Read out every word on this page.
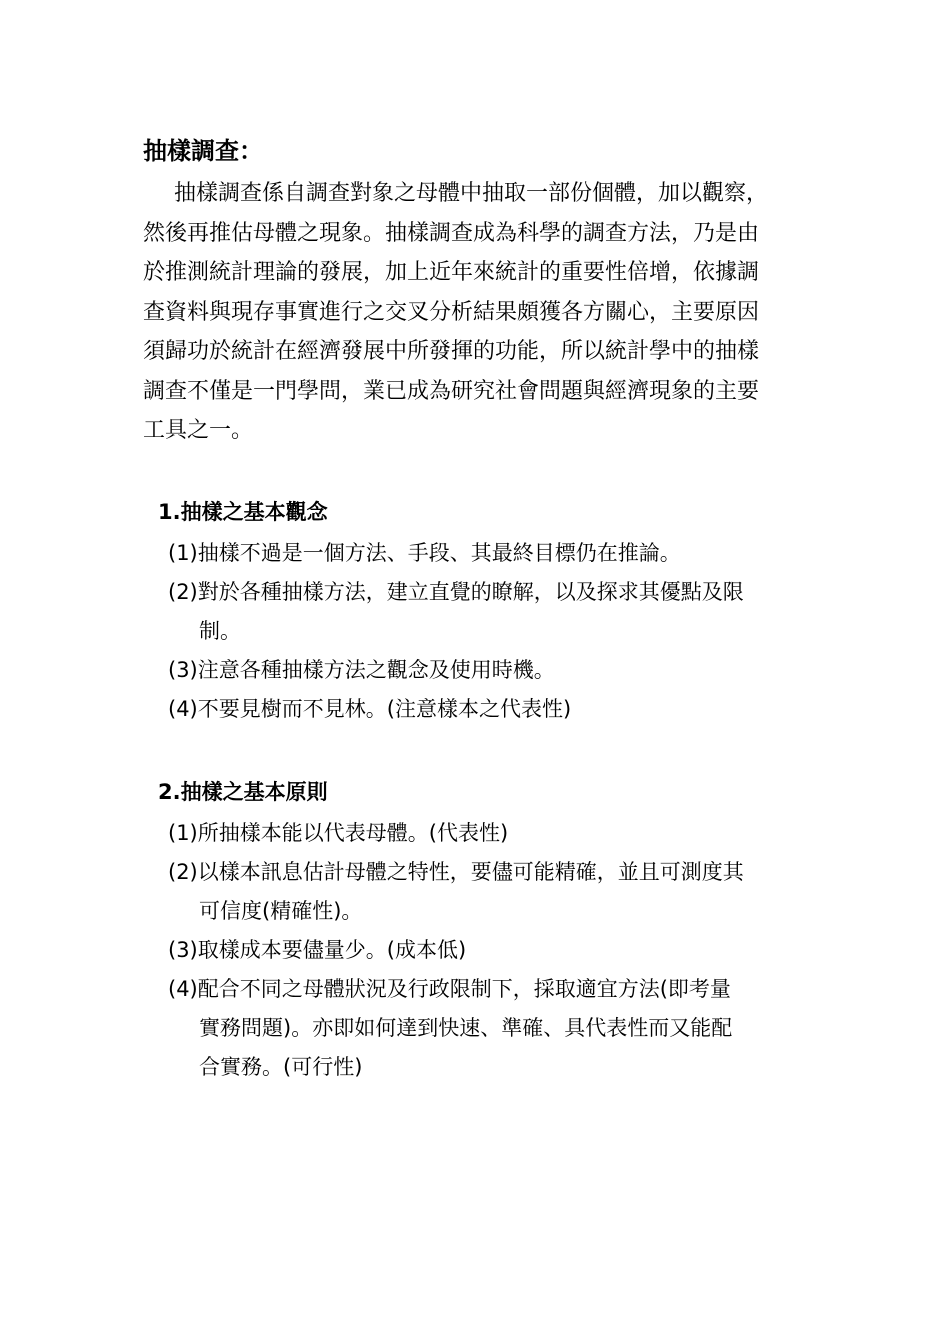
抽樣調查：
抽樣調查係自調查對象之母體中抽取一部份個體，加以觀察，
然後再推估母體之現象。抽樣調查成為科學的調查方法，乃是由
於推測統計理論的發展，加上近年來統計的重要性倍增，依據調
查資料與現存事實進行之交叉分析結果頗獲各方關心，主要原因
須歸功於統計在經濟發展中所發揮的功能，所以統計學中的抽樣
調查不僅是一門學問，業已成為研究社會問題與經濟現象的主要
工具之一。
1.抽樣之基本觀念
(1)抽樣不過是一個方法、手段、其最終目標仍在推論。
(2)對於各種抽樣方法，建立直覺的瞭解，以及探求其優點及限
制。
(3)注意各種抽樣方法之觀念及使用時機。
(4)不要見樹而不見林。(注意樣本之代表性)
2.抽樣之基本原則
(1)所抽樣本能以代表母體。(代表性)
(2)以樣本訊息估計母體之特性，要儘可能精確，並且可測度其
可信度(精確性)。
(3)取樣成本要儘量少。(成本低)
(4)配合不同之母體狀況及行政限制下，採取適宜方法(即考量
實務問題)。亦即如何達到快速、準確、具代表性而又能配
合實務。(可行性)
